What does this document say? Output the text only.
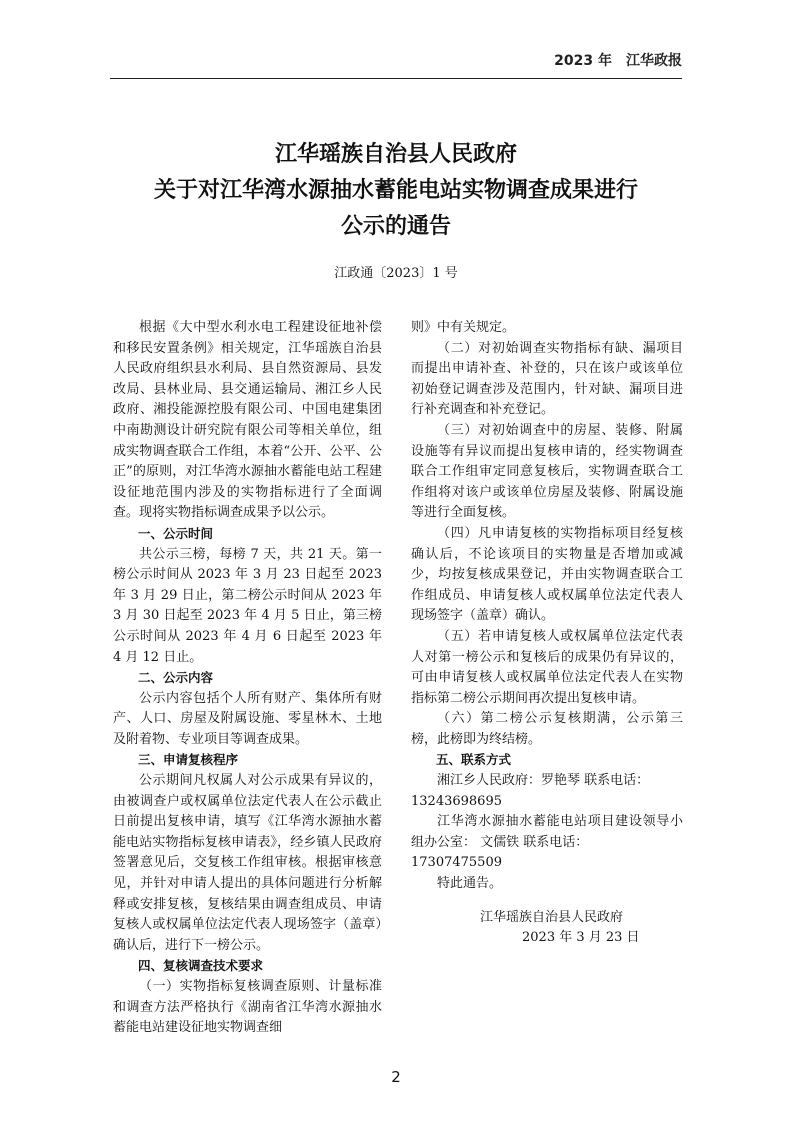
2023 年 江华政报
江华瑶族自治县人民政府
关于对江华湾水源抽水蓄能电站实物调查成果进行
公示的通告
江政通〔2023〕1 号

根据《大中型水利水电工程建设征地补偿和移民安置条例》相关规定，江华瑶族自治县人民政府组织县水利局、县自然资源局、县发改局、县林业局、县交通运输局、湘江乡人民政府、湘投能源控股有限公司、中国电建集团中南勘测设计研究院有限公司等相关单位，组成实物调查联合工作组，本着“公开、公平、公正”的原则，对江华湾水源抽水蓄能电站工程建设征地范围内涉及的实物指标进行了全面调查。现将实物指标调查成果予以公示。

一、公示时间

共公示三榜，每榜 7 天，共 21 天。第一榜公示时间从 2023 年 3 月 23 日起至 2023 年 3 月 29 日止，第二榜公示时间从 2023 年 3 月 30 日起至 2023 年 4 月 5 日止，第三榜公示时间从 2023 年 4 月 6 日起至 2023 年 4 月 12 日止。

二、公示内容

公示内容包括个人所有财产、集体所有财产、人口、房屋及附属设施、零星林木、土地及附着物、专业项目等调查成果。

三、申请复核程序

公示期间凡权属人对公示成果有异议的，由被调查户或权属单位法定代表人在公示截止日前提出复核申请，填写《江华湾水源抽水蓄能电站实物指标复核申请表》，经乡镇人民政府签署意见后，交复核工作组审核。根据审核意见，并针对申请人提出的具体问题进行分析解释或安排复核，复核结果由调查组成员、申请复核人或权属单位法定代表人现场签字（盖章）确认后，进行下一榜公示。

四、复核调查技术要求

（一）实物指标复核调查原则、计量标准和调查方法严格执行《湖南省江华湾水源抽水蓄能电站建设征地实物调查细

则》中有关规定。

（二）对初始调查实物指标有缺、漏项目而提出申请补查、补登的，只在该户或该单位初始登记调查涉及范围内，针对缺、漏项目进行补充调查和补充登记。

（三）对初始调查中的房屋、装修、附属设施等有异议而提出复核申请的，经实物调查联合工作组审定同意复核后，实物调查联合工作组将对该户或该单位房屋及装修、附属设施等进行全面复核。

（四）凡申请复核的实物指标项目经复核确认后，不论该项目的实物量是否增加或减少，均按复核成果登记，并由实物调查联合工作组成员、申请复核人或权属单位法定代表人现场签字（盖章）确认。

（五）若申请复核人或权属单位法定代表人对第一榜公示和复核后的成果仍有异议的，可由申请复核人或权属单位法定代表人在实物指标第二榜公示期间再次提出复核申请。

（六）第二榜公示复核期满，公示第三榜，此榜即为终结榜。

五、联系方式

湘江乡人民政府：罗艳琴 联系电话：

13243698695

江华湾水源抽水蓄能电站项目建设领导小组办公室： 文儒铁 联系电话：

17307475509

特此通告。

江华瑶族自治县人民政府
2023 年 3 月 23 日
2
